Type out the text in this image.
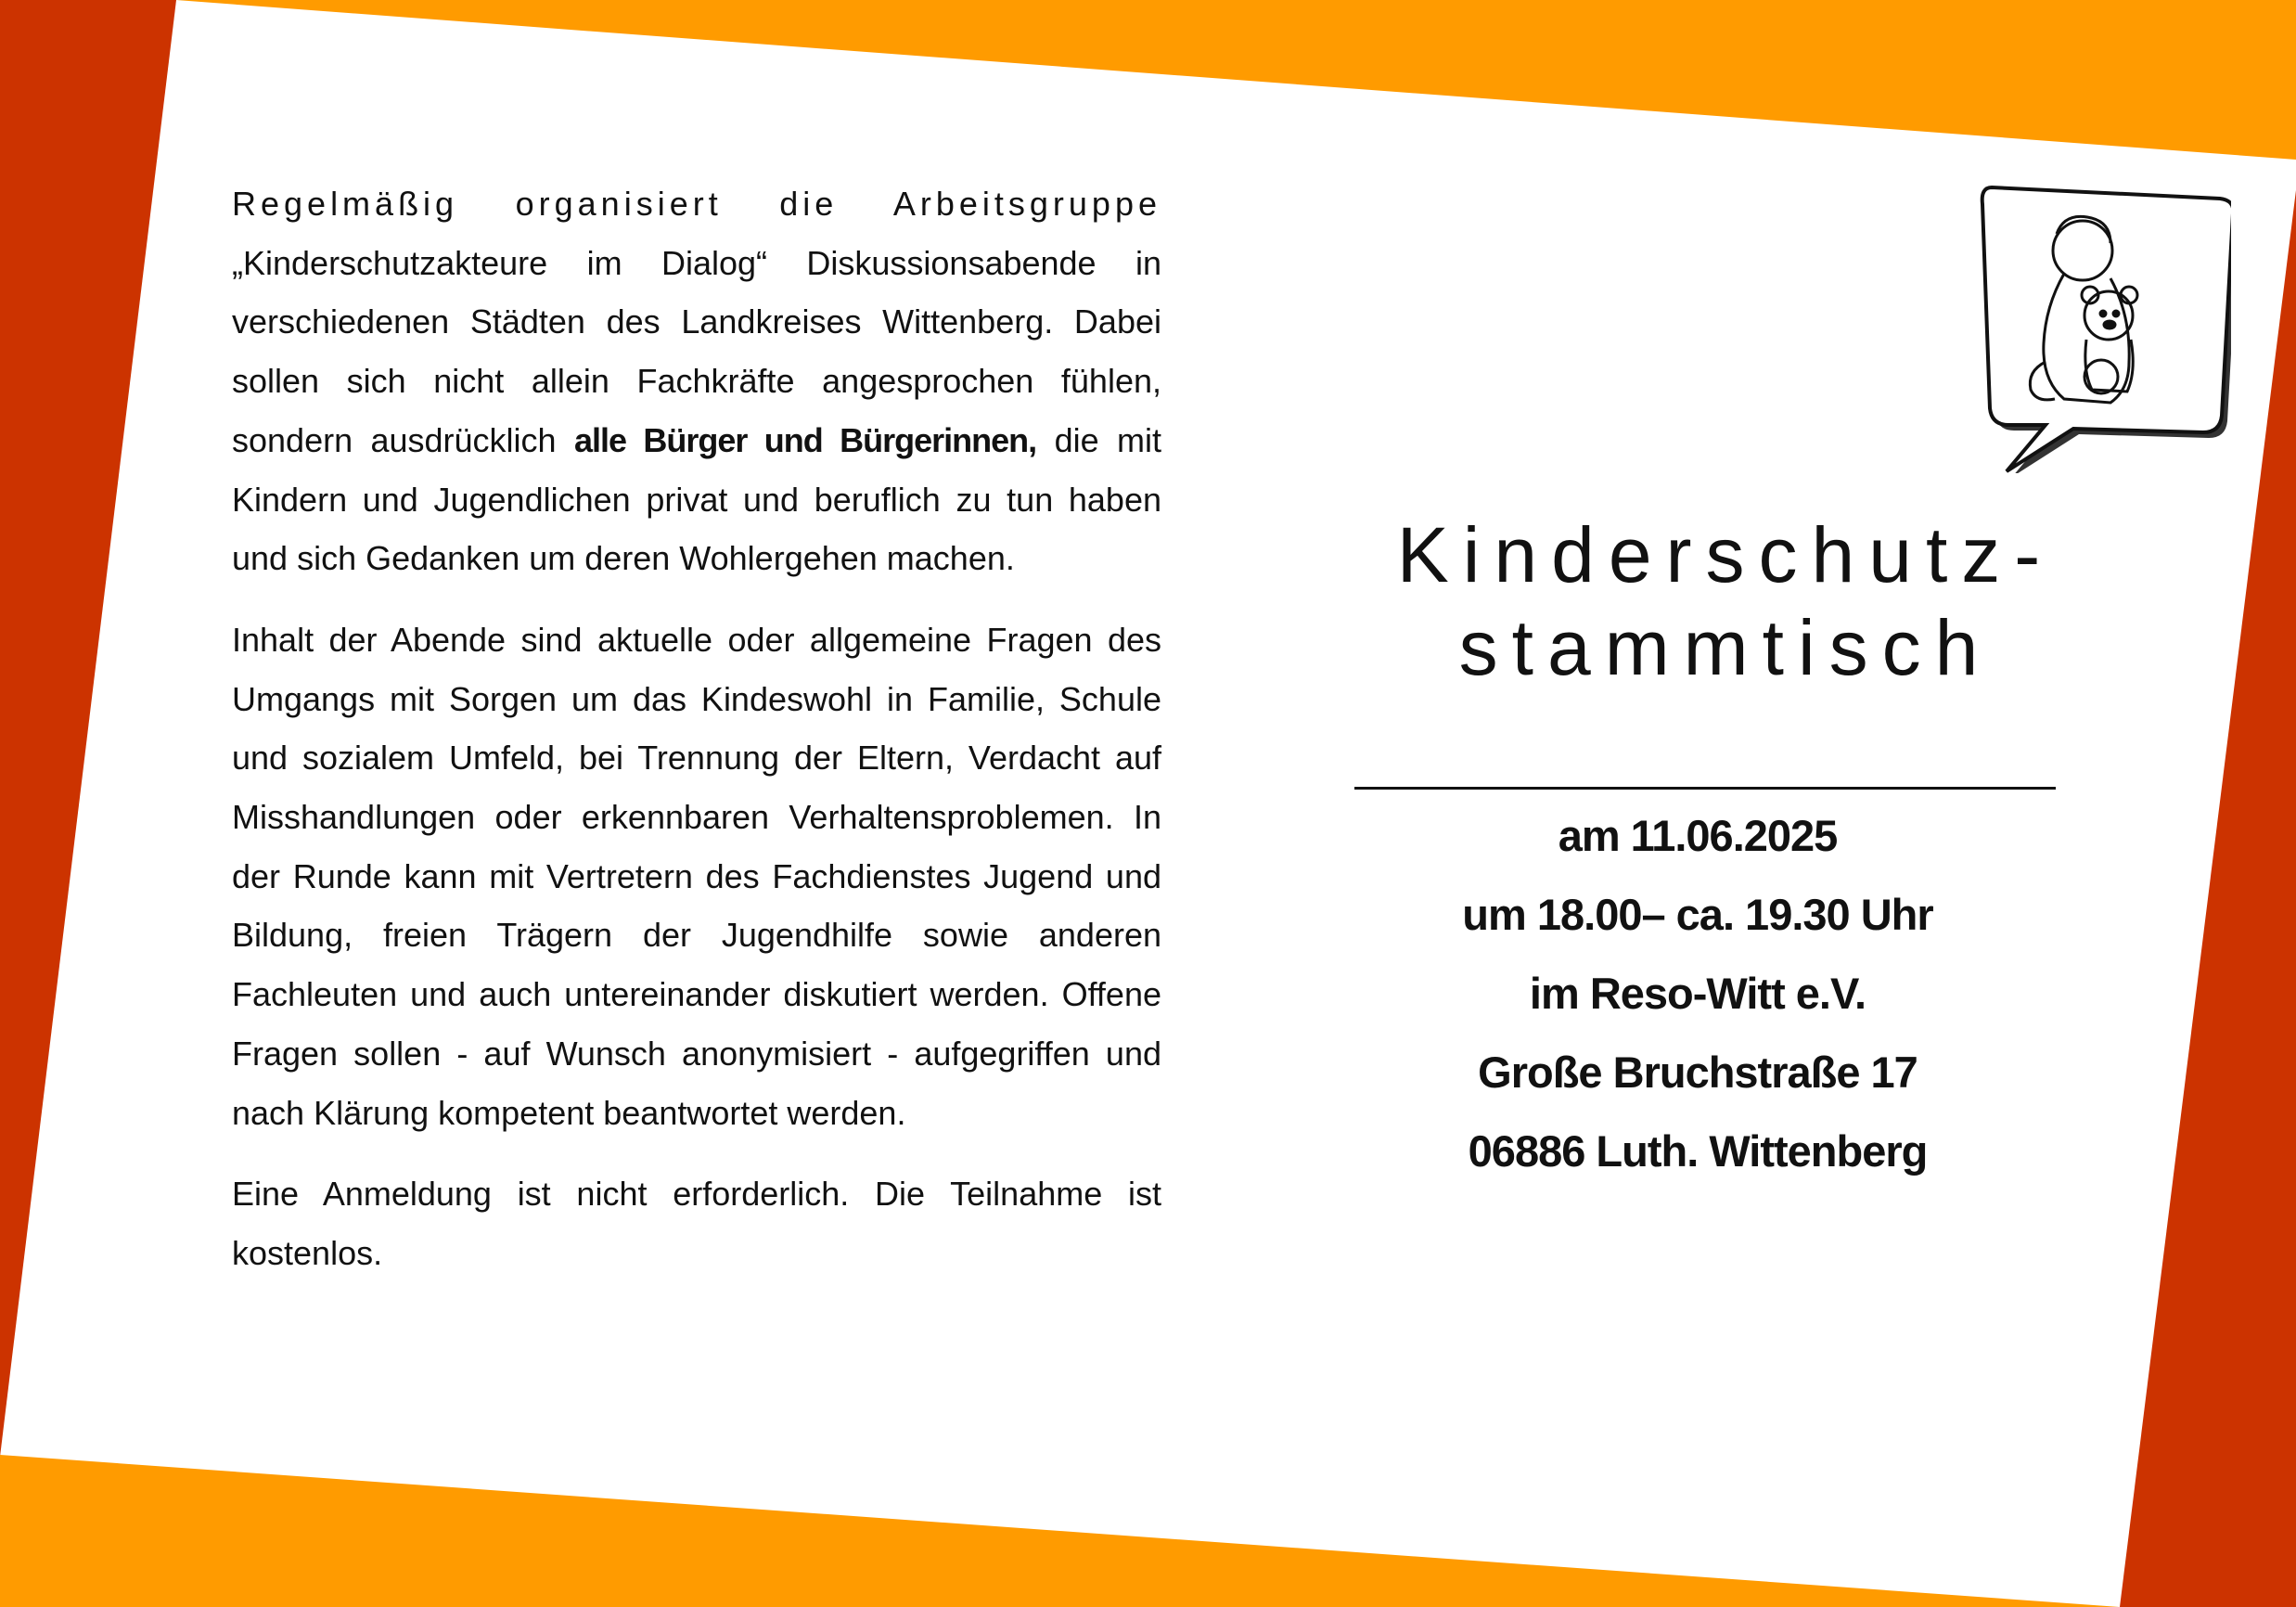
Regelmäßig organisiert die Arbeitsgruppe „Kinderschutzakteure im Dialog“ Diskussionsabende in verschiedenen Städten des Landkreises Wittenberg. Dabei sollen sich nicht allein Fachkräfte angesprochen fühlen, sondern ausdrücklich alle Bürger und Bürgerinnen, die mit Kindern und Jugendlichen privat und beruflich zu tun haben und sich Gedanken um deren Wohlergehen machen.

Inhalt der Abende sind aktuelle oder allgemeine Fragen des Umgangs mit Sorgen um das Kindeswohl in Familie, Schule und sozialem Umfeld, bei Trennung der Eltern, Verdacht auf Misshandlungen oder erkennbaren Verhaltensproblemen. In der Runde kann mit Vertretern des Fachdienstes Jugend und Bildung, freien Trägern der Jugendhilfe sowie anderen Fachleuten und auch untereinander diskutiert werden. Offene Fragen sollen - auf Wunsch anonymisiert - aufgegriffen und nach Klärung kompetent beantwortet werden.

Eine Anmeldung ist nicht erforderlich. Die Teilnahme ist kostenlos.

Kinderschutz-
stammtisch
am 11.06.2025
um 18.00– ca. 19.30 Uhr
im Reso-Witt e.V.
Große Bruchstraße 17
06886 Luth. Wittenberg
